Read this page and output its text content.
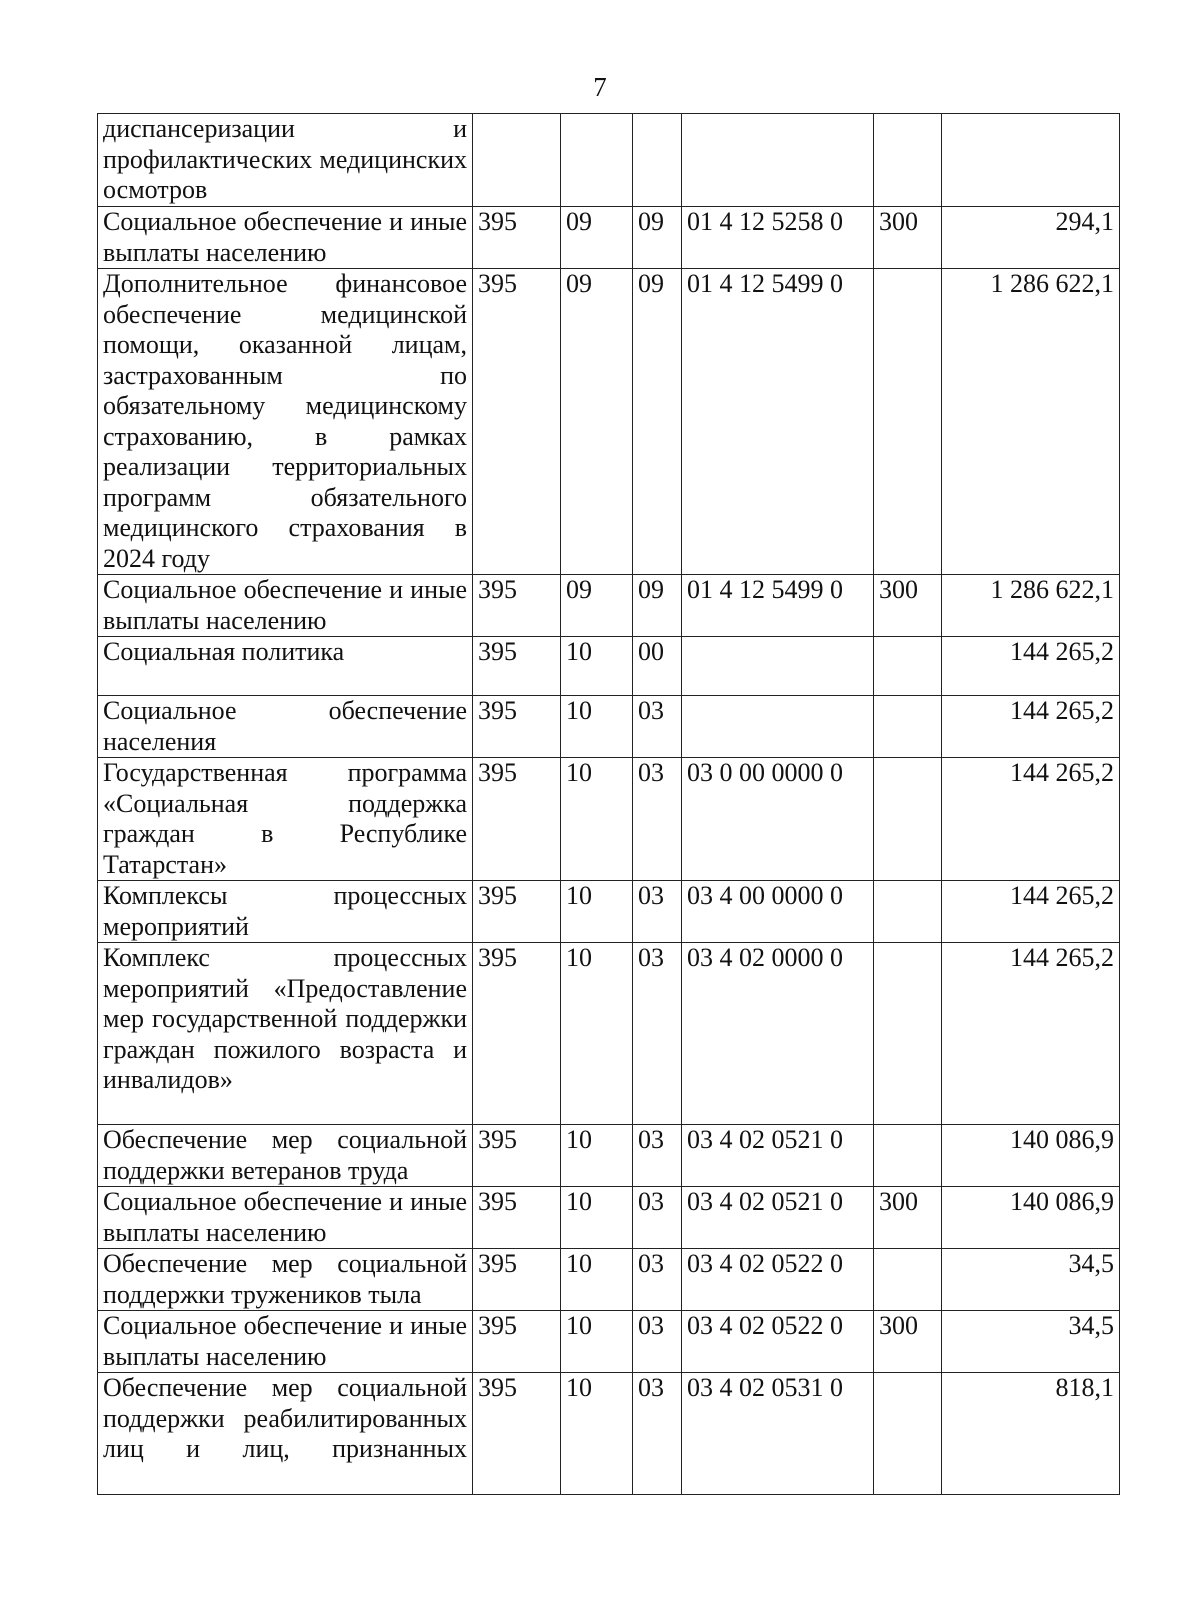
7
диспансеризации и профилактических медицинских осмотров						

Социальное обеспечение и иные выплаты населению	395	09	09	01 4 12 5258 0	300	294,1

Дополнительное финансовое обеспечение медицинской помощи, оказанной лицам, застрахованным по обязательному медицинскому страхованию, в рамках реализации территориальных программ обязательного медицинского страхования в 2024 году	395	09	09	01 4 12 5499 0		1 286 622,1

Социальное обеспечение и иные выплаты населению	395	09	09	01 4 12 5499 0	300	1 286 622,1

Социальная политика	395	10	00			144 265,2

Социальное обеспечение населения	395	10	03			144 265,2

Государственная программа «Социальная поддержка граждан в Республике Татарстан»	395	10	03	03 0 00 0000 0		144 265,2

Комплексы процессных мероприятий	395	10	03	03 4 00 0000 0		144 265,2

Комплекс процессных мероприятий «Предоставление мер государственной поддержки граждан пожилого возраста и инвалидов»	395	10	03	03 4 02 0000 0		144 265,2

Обеспечение мер социальной поддержки ветеранов труда	395	10	03	03 4 02 0521 0		140 086,9

Социальное обеспечение и иные выплаты населению	395	10	03	03 4 02 0521 0	300	140 086,9

Обеспечение мер социальной поддержки тружеников тыла	395	10	03	03 4 02 0522 0		34,5

Социальное обеспечение и иные выплаты населению	395	10	03	03 4 02 0522 0	300	34,5

Обеспечение мер социальной поддержки реабилитированных лиц и лиц, признанных	395	10	03	03 4 02 0531 0		818,1
